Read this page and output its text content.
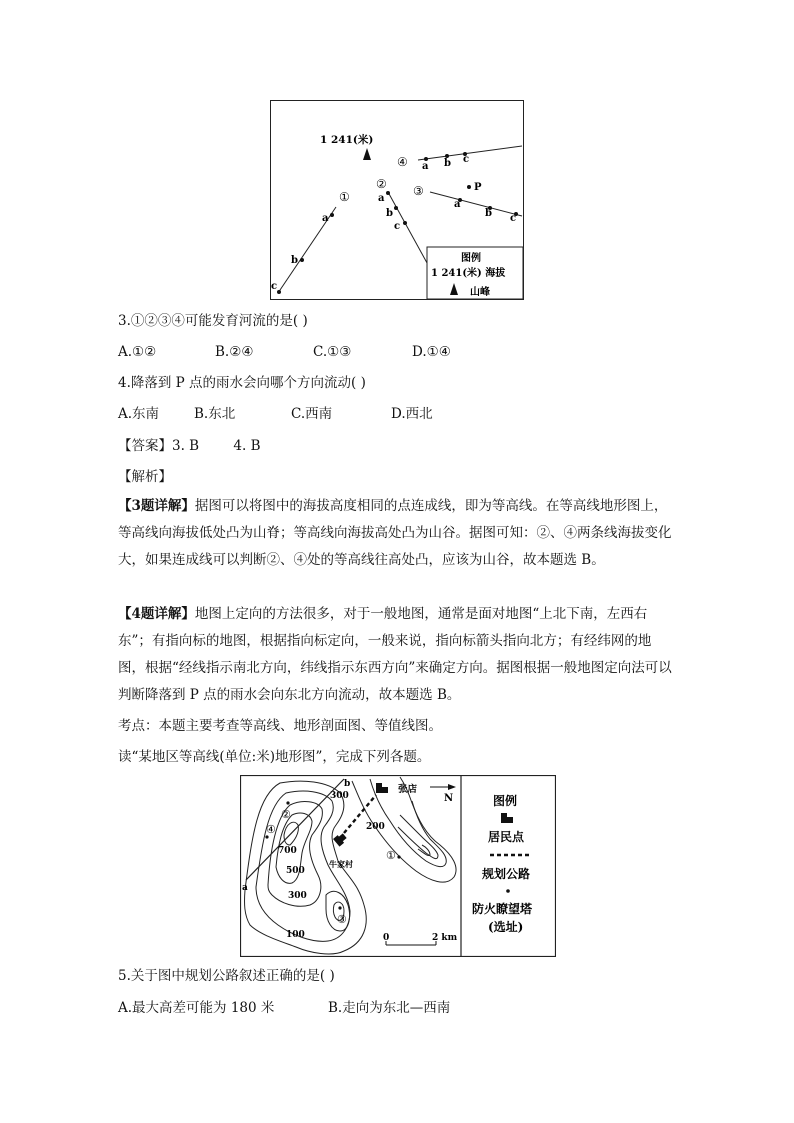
1 241(米)
①
a
b
c
②
a
b
c
③
a
b c
P
④ a b c
图例
1 241(米) 海拔
山峰
3.①②③④可能发育河流的是( )
A.①②	B.②④	C.①③	D.①④
4.降落到 P 点的雨水会向哪个方向流动( )
A.东南	B.东北	C.西南	D.西北
【答案】3. B        4. B
【解析】
【3题详解】据图可以将图中的海拔高度相同的点连成线，即为等高线。在等高线地形图上，等高线向海拔低处凸为山脊；等高线向海拔高处凸为山谷。据图可知：②、④两条线海拔变化大，如果连成线可以判断②、④处的等高线往高处凸，应该为山谷，故本题选 B。
【4题详解】地图上定向的方法很多，对于一般地图，通常是面对地图“上北下南，左西右东”；有指向标的地图，根据指向标定向，一般来说，指向标箭头指向北方；有经纬网的地图，根据“经线指示南北方向，纬线指示东西方向”来确定方向。据图根据一般地图定向法可以判断降落到 P 点的雨水会向东北方向流动，故本题选 B。
考点：本题主要考查等高线、地形剖面图、等值线图。
读“某地区等高线(单位:米)地形图”，完成下列各题。
b
a
张店
牛家村
N
300
200
700
500
300
100
①
②
③
④
0	2 km
图例
居民点
规划公路
防火瞭望塔
(选址)
5.关于图中规划公路叙述正确的是( )
A.最大高差可能为 180 米	B.走向为东北—西南
